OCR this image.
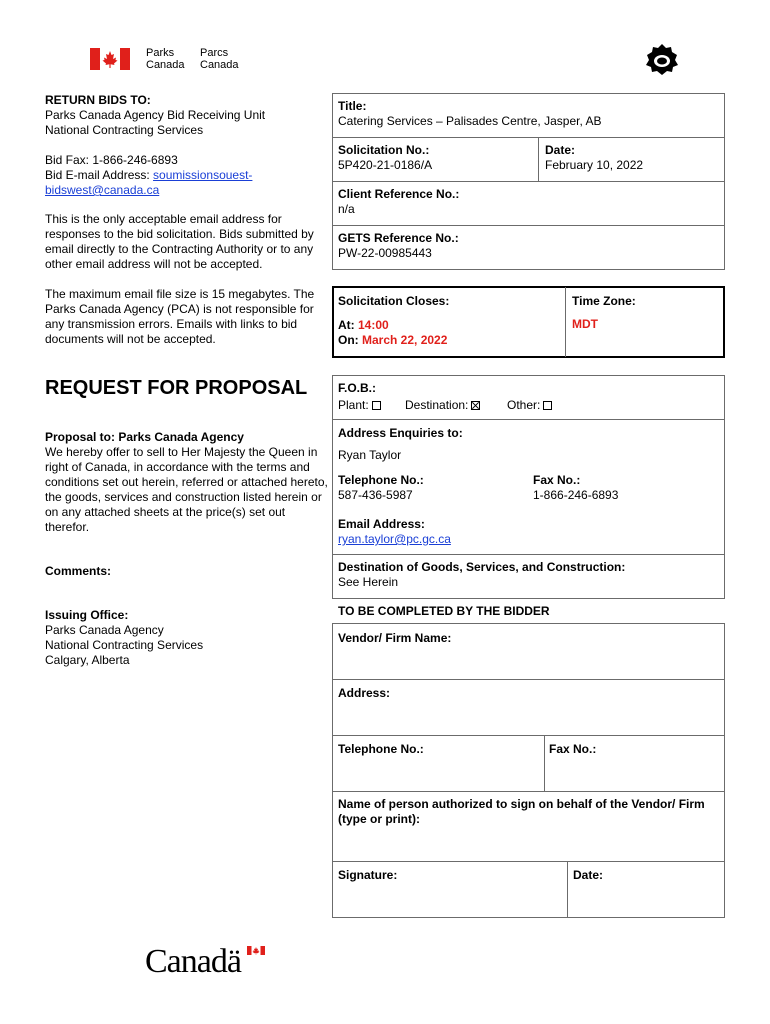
Parks
Canada
Parcs
Canada
RETURN BIDS TO:
Parks Canada Agency Bid Receiving Unit
National Contracting Services
Bid Fax: 1-866-246-6893
Bid E-mail Address: soumissionsouest-
bidswest@canada.ca

This is the only acceptable email address for responses to the bid solicitation. Bids submitted by email directly to the Contracting Authority or to any other email address will not be accepted.

The maximum email file size is 15 megabytes. The Parks Canada Agency (PCA) is not responsible for any transmission errors. Emails with links to bid documents will not be accepted.

REQUEST FOR PROPOSAL
Proposal to: Parks Canada Agency

We hereby offer to sell to Her Majesty the Queen in right of Canada, in accordance with the terms and conditions set out herein, referred or attached hereto, the goods, services and construction listed herein or on any attached sheets at the price(s) set out therefor.

Comments:
Issuing Office:
Parks Canada Agency
National Contracting Services
Calgary, Alberta
Title:
Catering Services – Palisades Centre, Jasper, AB
Solicitation No.:
5P420-21-0186/A
Date:
February 10, 2022
Client Reference No.:
n/a
GETS Reference No.:
PW-22-00985443
Solicitation Closes:	Time Zone:
At: 14:00
On: March 22, 2022
MDT
F.O.B.:
Plant:	Destination:	Other:
Address Enquiries to:
Ryan Taylor
Telephone No.:
587-436-5987
Fax No.:
1-866-246-6893
Email Address:
ryan.taylor@pc.gc.ca
Destination of Goods, Services, and Construction:
See Herein
TO BE COMPLETED BY THE BIDDER
Vendor/ Firm Name:
Address:
Telephone No.:	Fax No.:
Name of person authorized to sign on behalf of the Vendor/ Firm (type or print):
Signature:	Date:
Canadä
